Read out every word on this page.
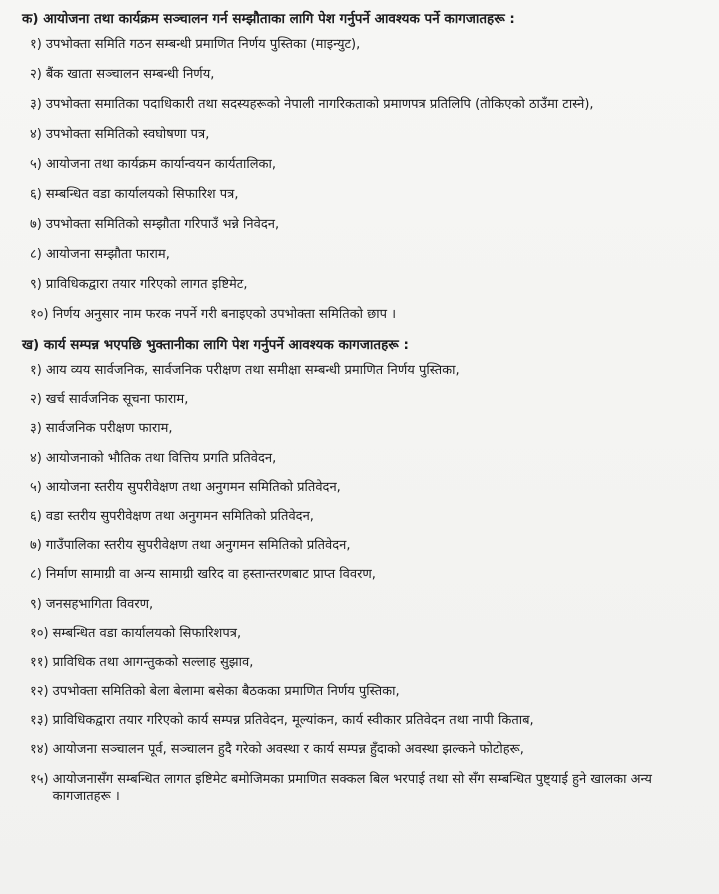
क) आयोजना तथा कार्यक्रम सञ्चालन गर्न सम्झौताका लागि पेश गर्नुपर्ने आवश्यक पर्ने कागजातहरू :
१) उपभोक्ता समिति गठन सम्बन्धी प्रमाणित निर्णय पुस्तिका (माइन्युट),
२) बैंक खाता सञ्चालन सम्बन्धी निर्णय,
३) उपभोक्ता समातिका पदाधिकारी तथा सदस्यहरूको नेपाली नागरिकताको प्रमाणपत्र प्रतिलिपि (तोकिएको ठाउँमा टास्ने),
४) उपभोक्ता समितिको स्वघोषणा पत्र,
५) आयोजना तथा कार्यक्रम कार्यान्वयन कार्यतालिका,
६) सम्बन्धित वडा कार्यालयको सिफारिश पत्र,
७) उपभोक्ता समितिको सम्झौता गरिपाउँ भन्ने निवेदन,
८) आयोजना सम्झौता फाराम,
९) प्राविधिकद्वारा तयार गरिएको लागत इष्टिमेट,
१०) निर्णय अनुसार नाम फरक नपर्ने गरी बनाइएको उपभोक्ता समितिको छाप ।
ख) कार्य सम्पन्न भएपछि भुक्तानीका लागि पेश गर्नुपर्ने आवश्यक कागजातहरू :
१) आय व्यय सार्वजनिक, सार्वजनिक परीक्षण तथा समीक्षा सम्बन्धी प्रमाणित निर्णय पुस्तिका,
२) खर्च सार्वजनिक सूचना फाराम,
३) सार्वजनिक परीक्षण फाराम,
४) आयोजनाको भौतिक तथा वित्तिय प्रगति प्रतिवेदन,
५) आयोजना स्तरीय सुपरीवेक्षण तथा अनुगमन समितिको प्रतिवेदन,
६) वडा स्तरीय सुपरीवेक्षण तथा अनुगमन समितिको प्रतिवेदन,
७) गाउँपालिका स्तरीय सुपरीवेक्षण तथा अनुगमन समितिको प्रतिवेदन,
८) निर्माण सामाग्री वा अन्य सामाग्री खरिद वा हस्तान्तरणबाट प्राप्त विवरण,
९) जनसहभागिता विवरण,
१०) सम्बन्धित वडा कार्यालयको सिफारिशपत्र,
११) प्राविधिक तथा आगन्तुकको सल्लाह सुझाव,
१२) उपभोक्ता समितिको बेला बेलामा बसेका बैठकका प्रमाणित निर्णय पुस्तिका,
१३) प्राविधिकद्वारा तयार गरिएको कार्य सम्पन्न प्रतिवेदन, मूल्यांकन, कार्य स्वीकार प्रतिवेदन तथा नापी किताब,
१४) आयोजना सञ्चालन पूर्व, सञ्चालन हुदै गरेको अवस्था र कार्य सम्पन्न हुँदाको अवस्था झल्कने फोटोहरू,
१५) आयोजनासँग सम्बन्धित लागत इष्टिमेट बमोजिमका प्रमाणित सक्कल बिल भरपाई तथा सो सँग सम्बन्धित पुष्ट्याई हुने खालका अन्य कागजातहरू ।
